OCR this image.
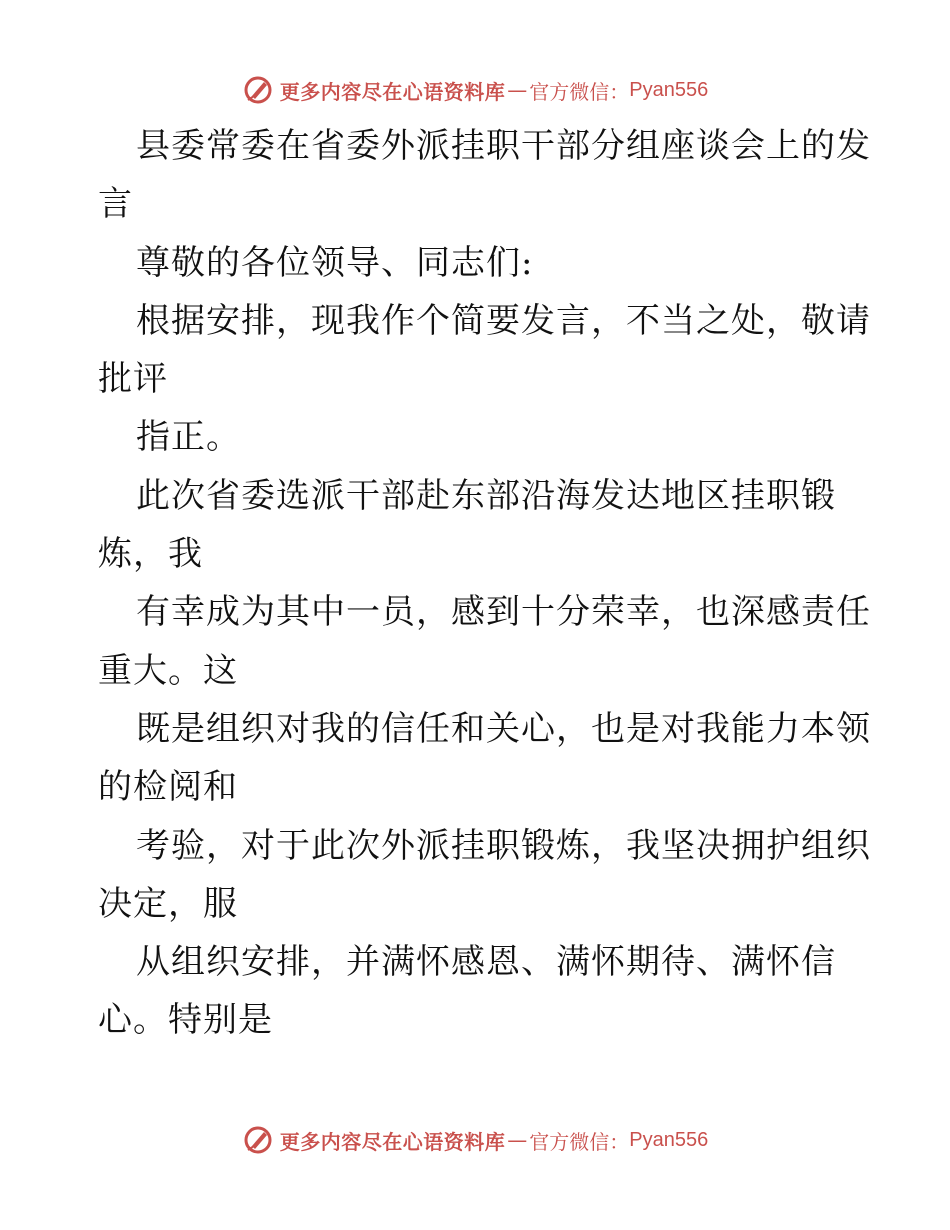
更多内容尽在心语资料库 — 官方微信： Pyan556
县委常委在省委外派挂职干部分组座谈会上的发
言
尊敬的各位领导、同志们:
根据安排，现我作个简要发言，不当之处，敬请
批评
指正。
此次省委选派干部赴东部沿海发达地区挂职锻
炼，我
有幸成为其中一员，感到十分荣幸，也深感责任
重大。这
既是组织对我的信任和关心，也是对我能力本领
的检阅和
考验，对于此次外派挂职锻炼，我坚决拥护组织
决定，服
从组织安排，并满怀感恩、满怀期待、满怀信
心。特别是
更多内容尽在心语资料库 — 官方微信： Pyan556
